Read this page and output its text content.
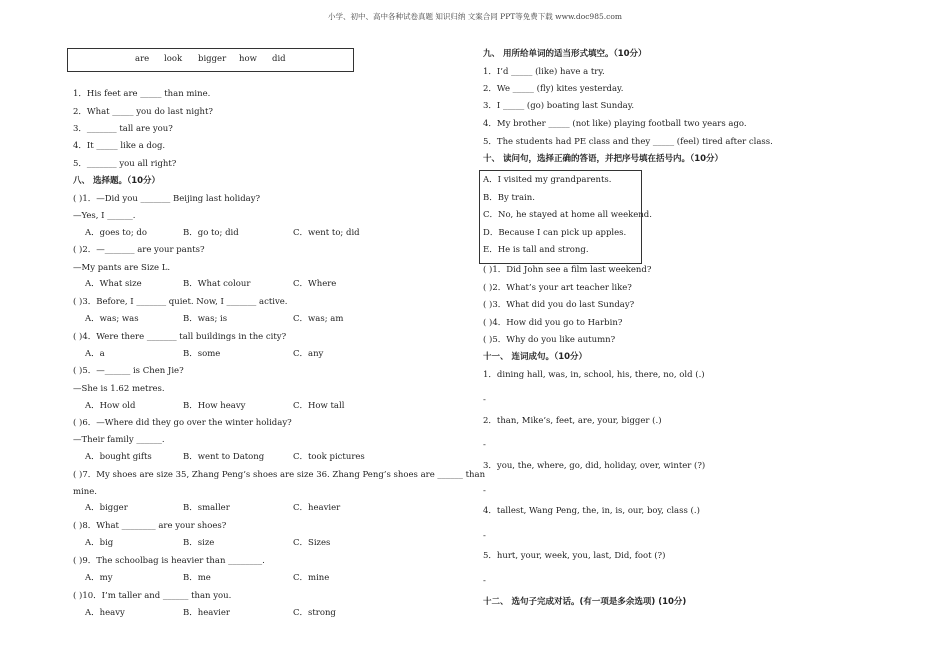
小学、初中、高中各种试卷真题 知识归纳 文案合同 PPT等免费下载 www.doc985.com
are look bigger how did
1．His feet are _____ than mine.
2．What _____ you do last night?
3．_______ tall are you?
4．It _____ like a dog.
5．_______ you all right?
八、 选择题。（10分）
( )1．—Did you _______ Beijing last holiday?
—Yes, I ______.
A．goes to; do	B．go to; did	C．went to; did
( )2．—_______ are your pants?
—My pants are Size L.
A．What size	B．What colour	C．Where
( )3．Before, I _______ quiet. Now, I _______ active.
A．was; was	B．was; is	C．was; am
( )4．Were there _______ tall buildings in the city?
A．a	B．some	C．any
( )5．—______ is Chen Jie?
—She is 1.62 metres.
A．How old	B．How heavy	C．How tall
( )6．—Where did they go over the winter holiday?
—Their family ______.
A．bought gifts	B．went to Datong	C．took pictures
( )7．My shoes are size 35, Zhang Peng’s shoes are size 36. Zhang Peng’s shoes are ______ than
mine.
A．bigger	B．smaller	C．heavier
( )8．What ________ are your shoes?
A．big	B．size	C．Sizes
( )9．The schoolbag is heavier than ________.
A．my	B．me	C．mine
( )10．I’m taller and ______ than you.
A．heavy	B．heavier	C．strong
九、 用所给单词的适当形式填空。（10分）
1．I’d _____ (like) have a try.
2．We _____ (fly) kites yesterday.
3．I _____ (go) boating last Sunday.
4．My brother _____ (not like) playing football two years ago.
5．The students had PE class and they _____ (feel) tired after class.
十、 读问句，选择正确的答语，并把序号填在括号内。（10分）
A．I visited my grandparents.
B．By train.
C．No, he stayed at home all weekend.
D．Because I can pick up apples.
E．He is tall and strong.
( )1．Did John see a film last weekend?
( )2．What’s your art teacher like?
( )3．What did you do last Sunday?
( )4．How did you go to Harbin?
( )5．Why do you like autumn?
十一、 连词成句。（10分）
1．dining hall, was, in, school, his, there, no, old (.)
-
2．than, Mike’s, feet, are, your, bigger (.)
-
3．you, the, where, go, did, holiday, over, winter (?)
-
4．tallest, Wang Peng, the, in, is, our, boy, class (.)
-
5．hurt, your, week, you, last, Did, foot (?)
-
十二、 选句子完成对话。(有一项是多余选项) (10分)
